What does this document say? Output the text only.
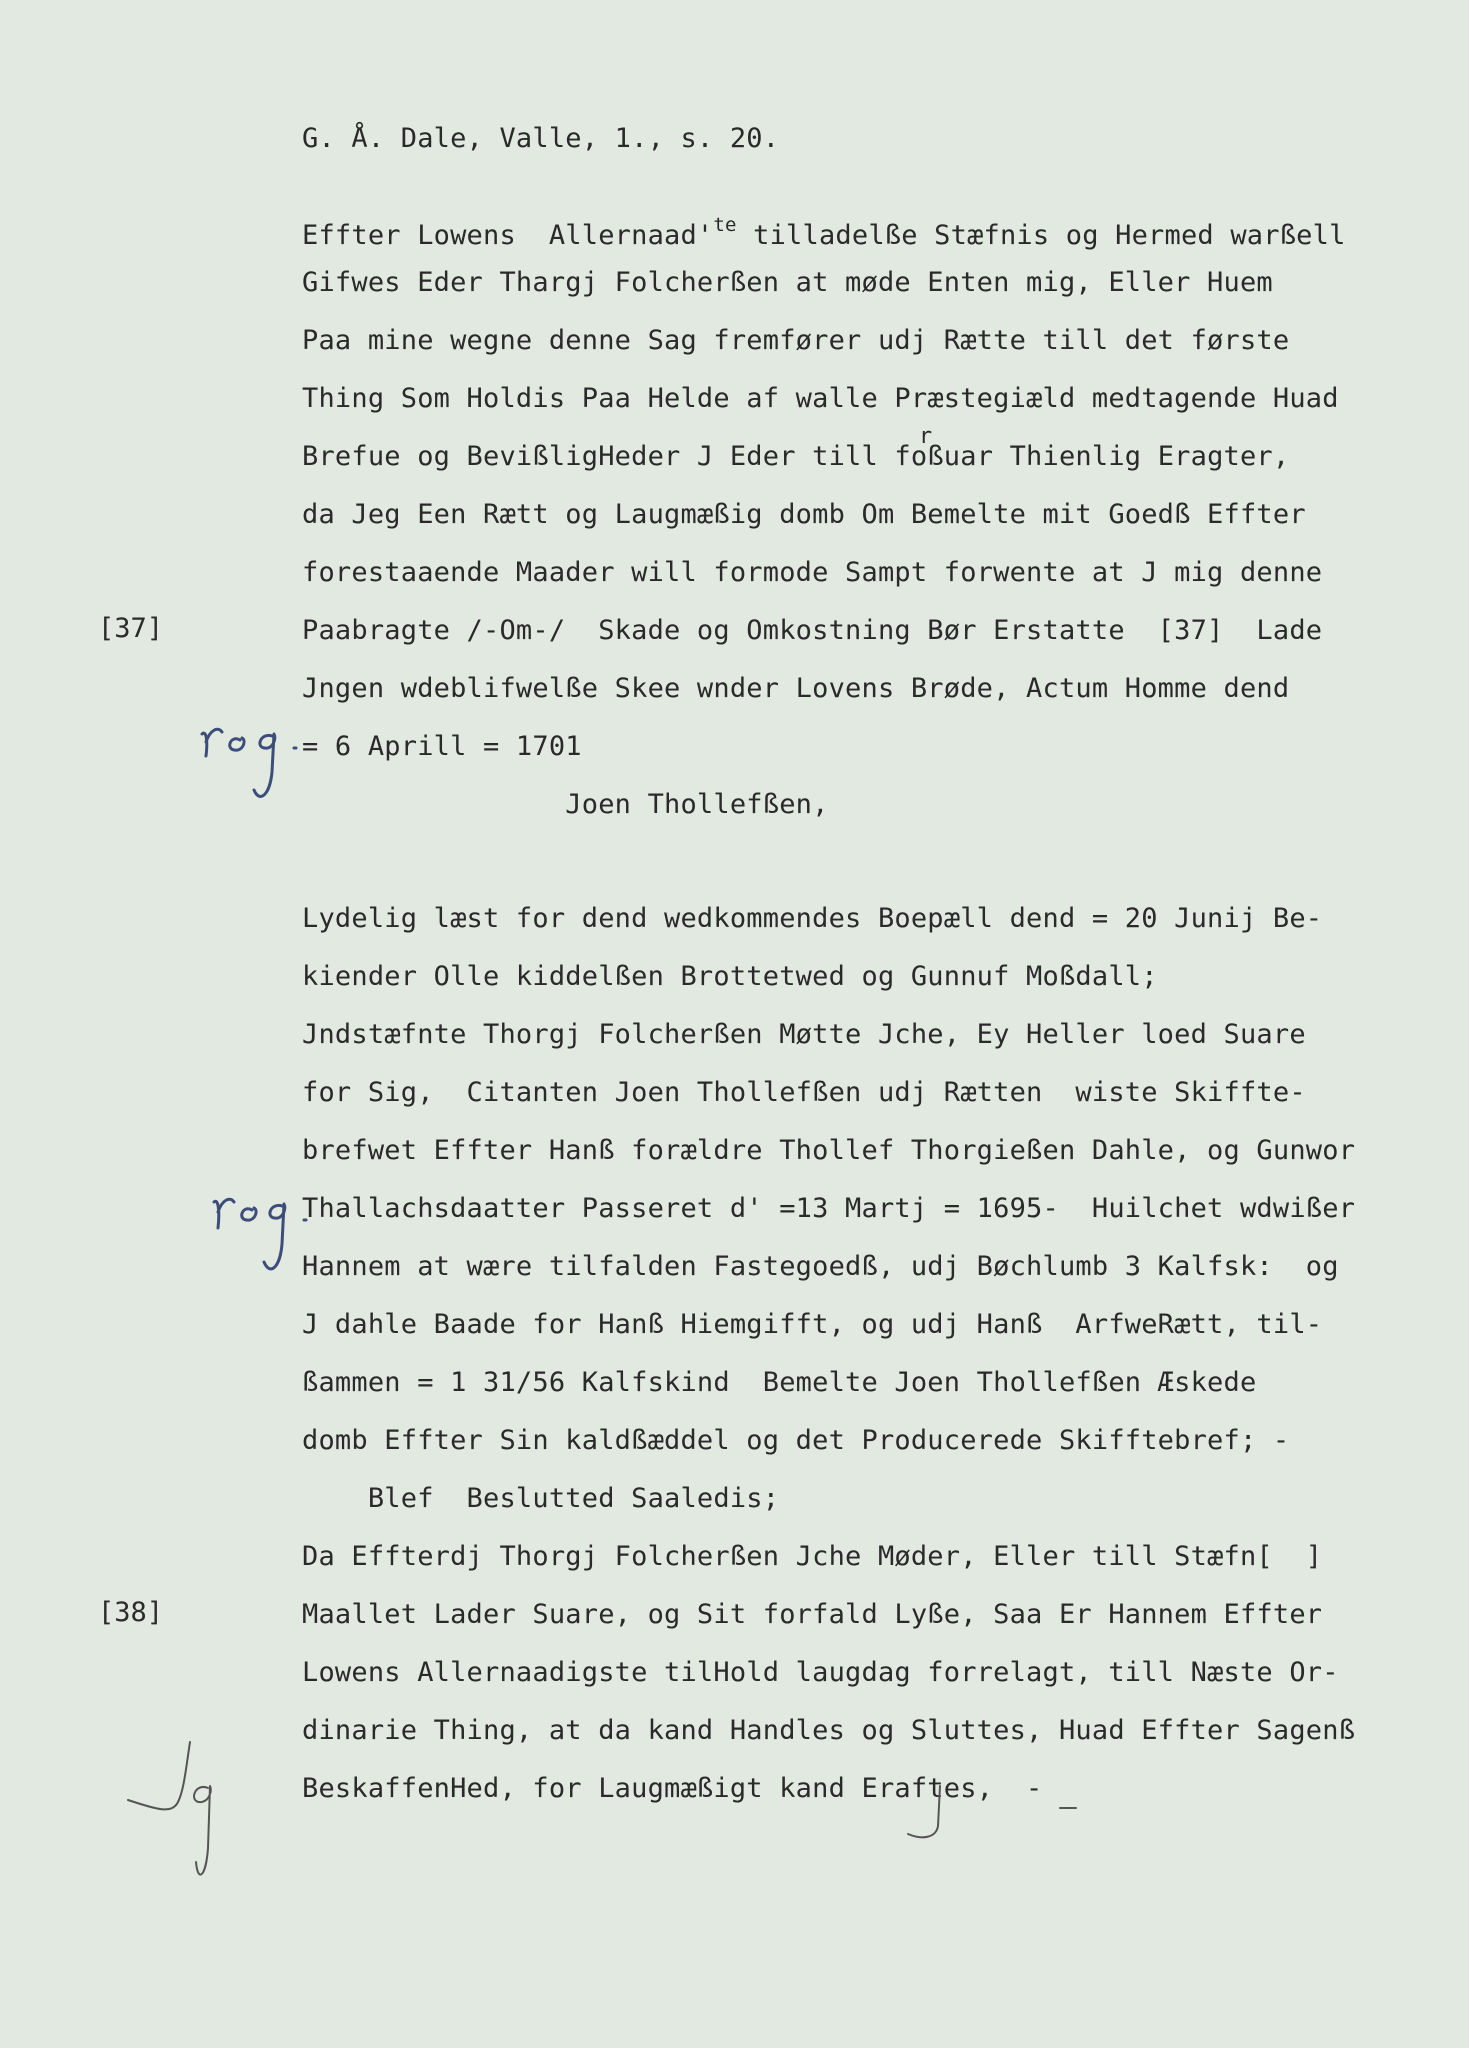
G. Å. Dale, Valle, 1., s. 20.
Effter Lowens  $Allernaad'^{te}$ tilladelße Stæfnis og Hermed warßell
Gifwes Eder Thargj Folcherßen at møde Enten mig, Eller Huem
Paa mine wegne denne Sag fremfører udj Rætte till det første
Thing Som Holdis Paa Helde af walle Præstegiæld medtagende Huad
Brefue og BevißligHeder J Eder till f
r
oßuar Thienlig Eragter,
da Jeg Een Rætt og Laugmæßig domb Om Bemelte mit Goedß Effter
forestaaende Maader will formode Sampt forwente at J mig denne
Paabragte /-Om-/  Skade og Omkostning Bør Erstatte  [37]  Lade
Jngen wdeblifwelße Skee wnder Lovens Brøde, Actum Homme dend
= 6 Aprill = 1701
Joen Thollefßen,
Lydelig læst for dend wedkommendes Boepæll dend = 20 Junij Be-
kiender Olle kiddelßen Brottetwed og Gunnuf Moßdall;
Jndstæfnte Thorgj Folcherßen Møtte Jche, Ey Heller loed Suare
for Sig,  Citanten Joen Thollefßen udj Rætten  wiste Skiffte-
brefwet Effter Hanß forældre Thollef Thorgießen Dahle, og Gunwor
Thallachsdaatter Passeret d' =13 Martj = 1695-  Huilchet wdwißer
Hannem at wære tilfalden Fastegoedß, udj Bøchlumb 3 Kalfsk:  og
J dahle Baade for Hanß Hiemgifft, og udj Hanß  ArfweRætt, til-
ßammen = 1 31/56 Kalfskind  Bemelte Joen Thollefßen Æskede
domb Effter Sin kaldßæddel og det Producerede Skifftebref; -
Blef  Beslutted Saaledis;
Da Effterdj Thorgj Folcherßen Jche Møder, Eller till Stæfn[  ]
Maallet Lader Suare, og Sit forfald Lyße, Saa Er Hannem Effter
Lowens Allernaadigste tilHold laugdag forrelagt, till Næste Or-
dinarie Thing, at da kand Handles og Sluttes, Huad Effter Sagenß
BeskaffenHed, for Laugmæßigt kand Eraftes,  -
[37]
[38]
